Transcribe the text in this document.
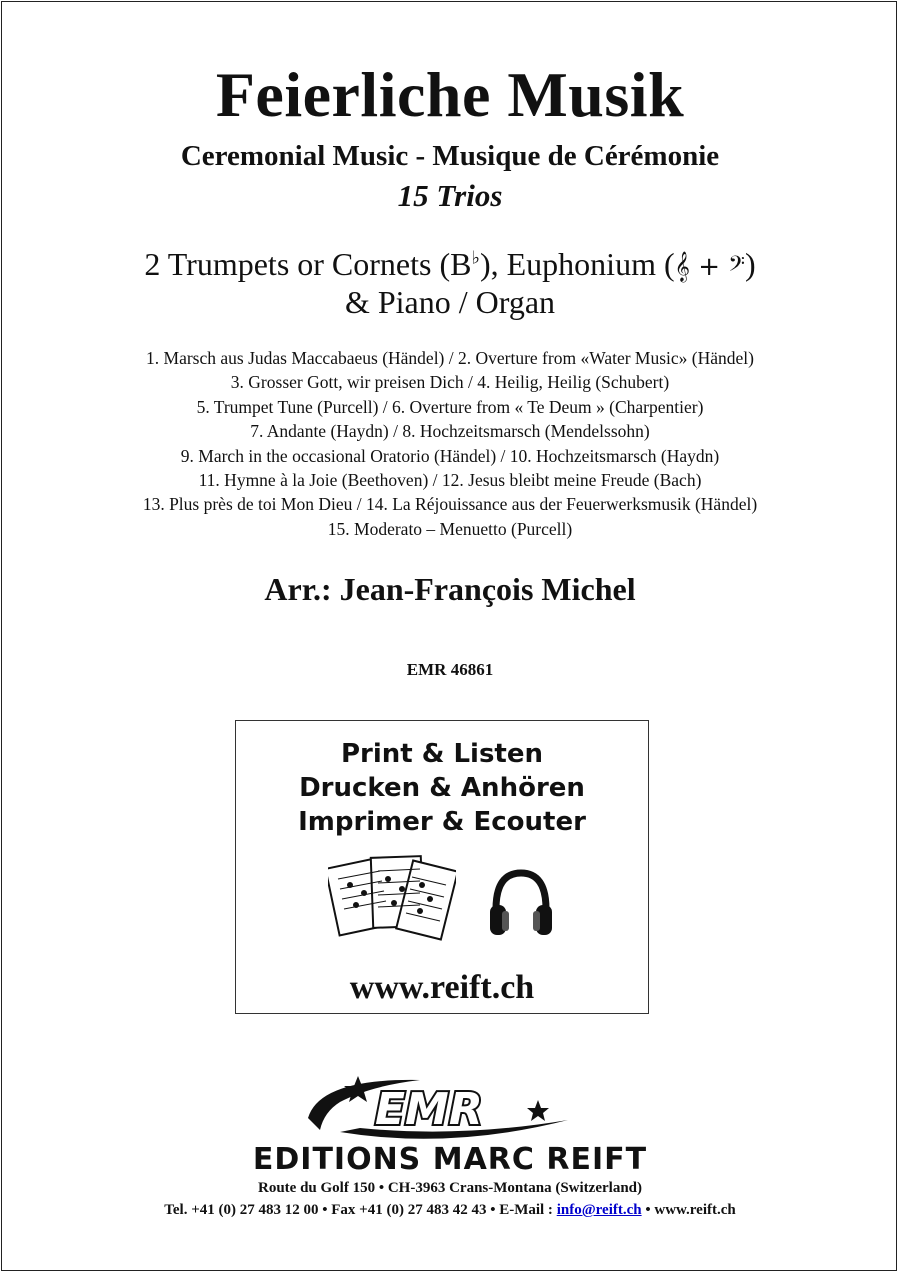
Feierliche Musik
Ceremonial Music - Musique de Cérémonie
15 Trios
2 Trumpets or Cornets (B♭), Euphonium (𝄞 + 𝄢)
& Piano / Organ
1. Marsch aus Judas Maccabaeus (Händel) / 2. Overture from «Water Music» (Händel)
3. Grosser Gott, wir preisen Dich / 4. Heilig, Heilig (Schubert)
5. Trumpet Tune (Purcell) / 6. Overture from « Te Deum » (Charpentier)
7. Andante (Haydn) / 8. Hochzeitsmarsch (Mendelssohn)
9. March in the occasional Oratorio (Händel) / 10. Hochzeitsmarsch (Haydn)
11. Hymne à la Joie (Beethoven) / 12. Jesus bleibt meine Freude (Bach)
13. Plus près de toi Mon Dieu / 14. La Réjouissance aus der Feuerwerksmusik (Händel)
15. Moderato – Menuetto (Purcell)
Arr.: Jean-François Michel
EMR 46861
Print & Listen
Drucken & Anhören
Imprimer & Ecouter
www.reift.ch
EMR
EDITIONS MARC REIFT
Route du Golf 150 • CH-3963 Crans-Montana (Switzerland)
Tel. +41 (0) 27 483 12 00 • Fax +41 (0) 27 483 42 43 • E-Mail : info@reift.ch • www.reift.ch
